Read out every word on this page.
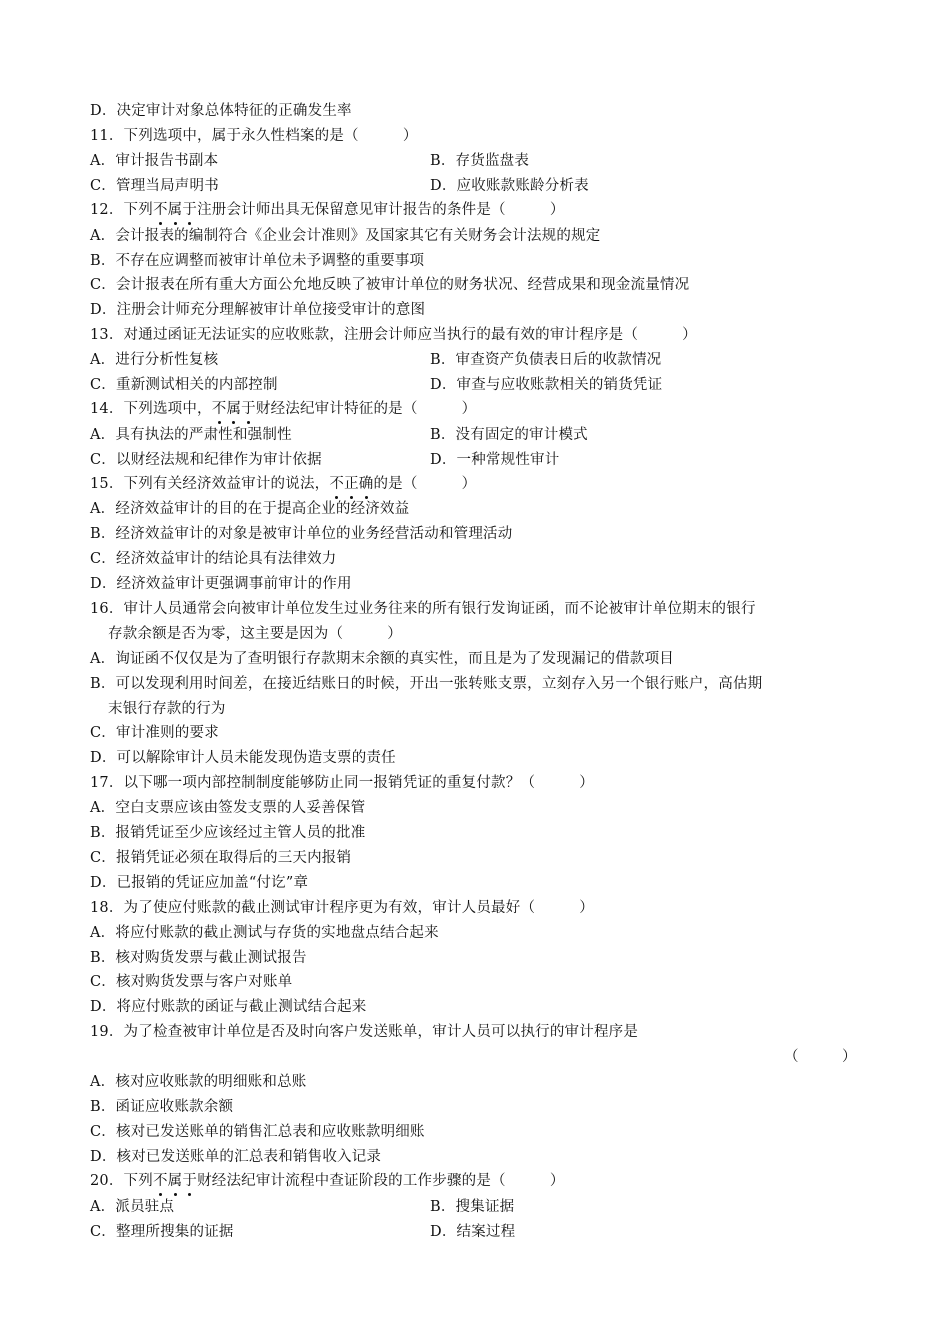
D．决定审计对象总体特征的正确发生率
11．下列选项中，属于永久性档案的是（　　　）
A．审计报告书副本	B．存货监盘表
C．管理当局声明书	D．应收账款账龄分析表
12．下列不属于注册会计师出具无保留意见审计报告的条件是（　　　）
A．会计报表的编制符合《企业会计准则》及国家其它有关财务会计法规的规定
B．不存在应调整而被审计单位未予调整的重要事项
C．会计报表在所有重大方面公允地反映了被审计单位的财务状况、经营成果和现金流量情况
D．注册会计师充分理解被审计单位接受审计的意图
13．对通过函证无法证实的应收账款，注册会计师应当执行的最有效的审计程序是（　　　）
A．进行分析性复核	B．审查资产负债表日后的收款情况
C．重新测试相关的内部控制	D．审查与应收账款相关的销货凭证
14．下列选项中，不属于财经法纪审计特征的是（　　　）
A．具有执法的严肃性和强制性	B．没有固定的审计模式
C．以财经法规和纪律作为审计依据	D．一种常规性审计
15．下列有关经济效益审计的说法，不正确的是（　　　）
A．经济效益审计的目的在于提高企业的经济效益
B．经济效益审计的对象是被审计单位的业务经营活动和管理活动
C．经济效益审计的结论具有法律效力
D．经济效益审计更强调事前审计的作用
16．审计人员通常会向被审计单位发生过业务往来的所有银行发询证函，而不论被审计单位期末的银行
存款余额是否为零，这主要是因为（　　　）
A．询证函不仅仅是为了查明银行存款期末余额的真实性，而且是为了发现漏记的借款项目
B．可以发现利用时间差，在接近结账日的时候，开出一张转账支票，立刻存入另一个银行账户，高估期
末银行存款的行为
C．审计准则的要求
D．可以解除审计人员未能发现伪造支票的责任
17．以下哪一项内部控制制度能够防止同一报销凭证的重复付款？（　　　）
A．空白支票应该由签发支票的人妥善保管
B．报销凭证至少应该经过主管人员的批准
C．报销凭证必须在取得后的三天内报销
D．已报销的凭证应加盖“付讫”章
18．为了使应付账款的截止测试审计程序更为有效，审计人员最好（　　　）
A．将应付账款的截止测试与存货的实地盘点结合起来
B．核对购货发票与截止测试报告
C．核对购货发票与客户对账单
D．将应付账款的函证与截止测试结合起来
19．为了检查被审计单位是否及时向客户发送账单，审计人员可以执行的审计程序是
（　　　）
A．核对应收账款的明细账和总账
B．函证应收账款余额
C．核对已发送账单的销售汇总表和应收账款明细账
D．核对已发送账单的汇总表和销售收入记录
20．下列不属于财经法纪审计流程中查证阶段的工作步骤的是（　　　）
A．派员驻点	B．搜集证据
C．整理所搜集的证据	D．结案过程
